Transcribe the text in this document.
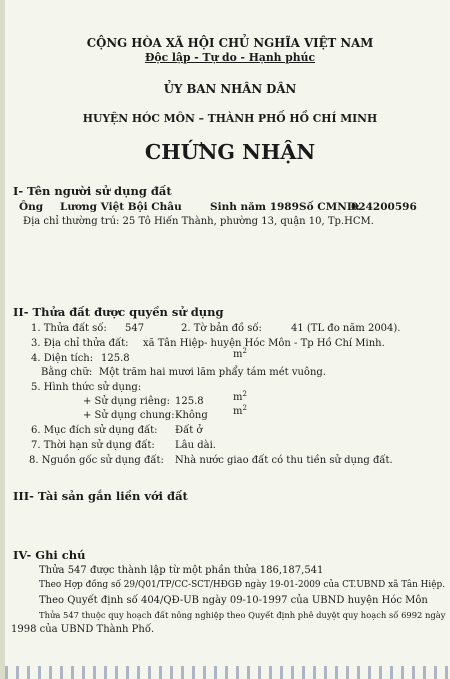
CỘNG HÒA XÃ HỘI CHỦ NGHĨA VIỆT NAM
Độc lập - Tự do - Hạnh phúc
ỦY BAN NHÂN DÂN
HUYỆN HÓC MÔN – THÀNH PHỐ HỒ CHÍ MINH
CHỨNG NHẬN
I- Tên người sử dụng đất
Ông Lương Việt Bội Châu	Sinh năm 1989 Số CMND:
024200596
Địa chỉ thường trú: 25 Tô Hiến Thành, phường 13, quận 10, Tp.HCM.
II- Thửa đất được quyền sử dụng
1. Thửa đất số: 547	2. Tờ bản đồ số:	41 (TL đo năm 2004).
3. Địa chỉ thửa đất: xã Tân Hiệp- huyện Hóc Môn - Tp Hồ Chí Minh.
4. Diện tích: 125.8	$m^2$
Bằng chữ: Một trăm hai mươi lăm phẩy tám mét vuông.
5. Hình thức sử dụng:
+ Sử dụng riêng: 125.8	$m^2$
+ Sử dụng chung: Không	$m^2$
6. Mục đích sử dụng đất: Đất ở
7. Thời hạn sử dụng đất: Lâu dài.
8. Nguồn gốc sử dụng đất: Nhà nước giao đất có thu tiền sử dụng đất.
III- Tài sản gắn liền với đất
IV- Ghi chú
Thửa 547 được thành lập từ một phần thửa 186,187,541
Theo Hợp đồng số 29/Q01/TP/CC-SCT/HĐGĐ ngày 19-01-2009 của CT.UBND xã Tân Hiệp.
Theo Quyết định số 404/QĐ-UB ngày 09-10-1997 của UBND huyện Hóc Môn
Thửa 547 thuộc quy hoạch đất nông nghiệp theo Quyết định phê duyệt quy hoạch số 6992 ngày
1998 của UBND Thành Phố.
